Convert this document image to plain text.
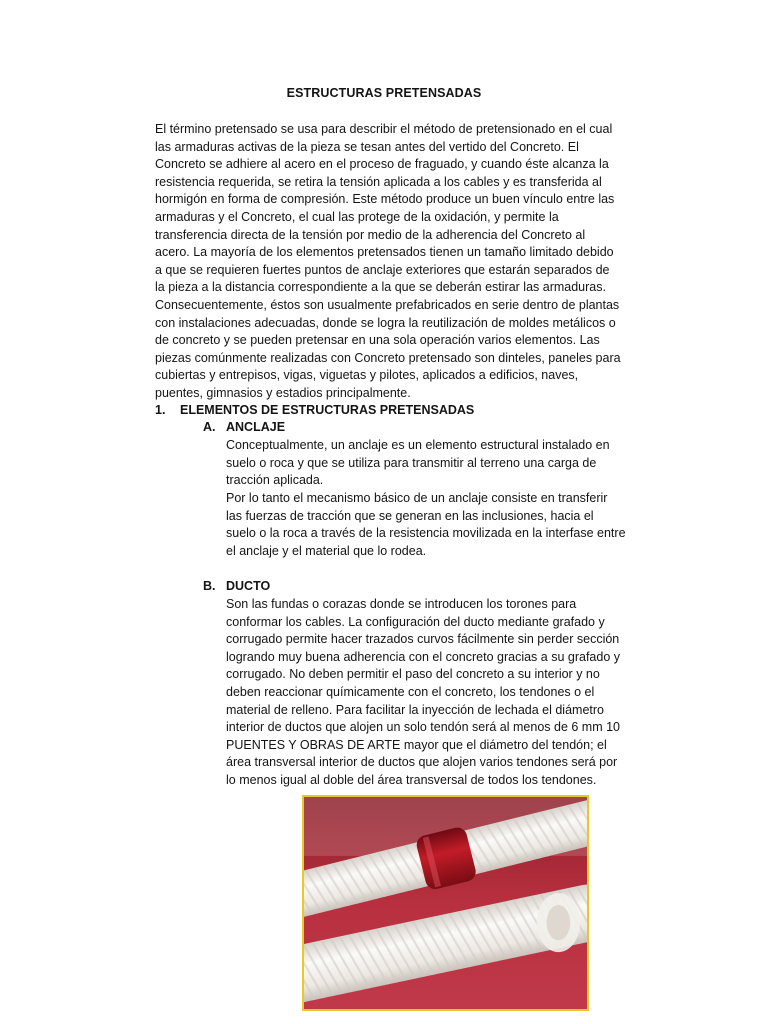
ESTRUCTURAS PRETENSADAS

El término pretensado se usa para describir el método de pretensionado en el cual las armaduras activas de la pieza se tesan antes del vertido del Concreto. El Concreto se adhiere al acero en el proceso de fraguado, y cuando éste alcanza la resistencia requerida, se retira la tensión aplicada a los cables y es transferida al hormigón en forma de compresión. Este método produce un buen vínculo entre las armaduras y el Concreto, el cual las protege de la oxidación, y permite la transferencia directa de la tensión por medio de la adherencia del Concreto al acero. La mayoría de los elementos pretensados tienen un tamaño limitado debido a que se requieren fuertes puntos de anclaje exteriores que estarán separados de la pieza a la distancia correspondiente a la que se deberán estirar las armaduras. Consecuentemente, éstos son usualmente prefabricados en serie dentro de plantas con instalaciones adecuadas, donde se logra la reutilización de moldes metálicos o de concreto y se pueden pretensar en una sola operación varios elementos. Las piezas comúnmente realizadas con Concreto pretensado son dinteles, paneles para cubiertas y entrepisos, vigas, viguetas y pilotes, aplicados a edificios, naves, puentes, gimnasios y estadios principalmente.

1. ELEMENTOS DE ESTRUCTURAS PRETENSADAS
A. ANCLAJE

Conceptualmente, un anclaje es un elemento estructural instalado en suelo o roca y que se utiliza para transmitir al terreno una carga de tracción aplicada.

Por lo tanto el mecanismo básico de un anclaje consiste en transferir las fuerzas de tracción que se generan en las inclusiones, hacia el suelo o la roca a través de la resistencia movilizada en la interfase entre el anclaje y el material que lo rodea.

B. DUCTO

Son las fundas o corazas donde se introducen los torones para conformar los cables. La configuración del ducto mediante grafado y corrugado permite hacer trazados curvos fácilmente sin perder sección logrando muy buena adherencia con el concreto gracias a su grafado y corrugado. No deben permitir el paso del concreto a su interior y no deben reaccionar químicamente con el concreto, los tendones o el material de relleno. Para facilitar la inyección de lechada el diámetro interior de ductos que alojen un solo tendón será al menos de 6 mm 10 PUENTES Y OBRAS DE ARTE mayor que el diámetro del tendón; el área transversal interior de ductos que alojen varios tendones será por lo menos igual al doble del área transversal de todos los tendones.
